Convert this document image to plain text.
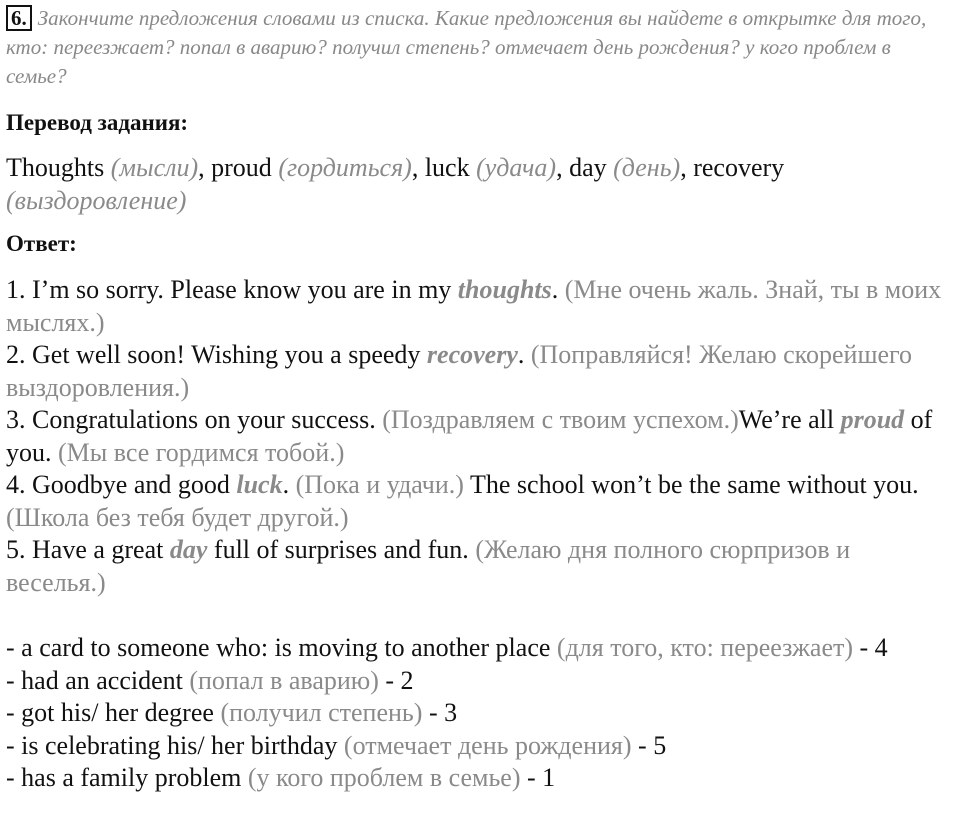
6. Закончите предложения словами из списка. Какие предложения вы найдете в открытке для того, кто: переезжает? попал в аварию? получил степень? отмечает день рождения? у кого проблем в семье?
Перевод задания:
Thoughts (мысли), proud (гордиться), luck (удача), day (день), recovery (выздоровление)
Ответ:

1. I’m so sorry. Please know you are in my thoughts. (Мне очень жаль. Знай, ты в моих мыслях.)

2. Get well soon! Wishing you a speedy recovery. (Поправляйся! Желаю скорейшего выздоровления.)

3. Congratulations on your success. (Поздравляем с твоим успехом.)We’re all proud of you. (Мы все гордимся тобой.)

4. Goodbye and good luck. (Пока и удачи.) The school won’t be the same without you. (Школа без тебя будет другой.)

5. Have a great day full of surprises and fun. (Желаю дня полного сюрпризов и веселья.)

- a card to someone who: is moving to another place (для того, кто: переезжает) - 4

- had an accident (попал в аварию) - 2

- got his/ her degree (получил степень) - 3

- is celebrating his/ her birthday (отмечает день рождения) - 5

- has a family problem (у кого проблем в семье) - 1
